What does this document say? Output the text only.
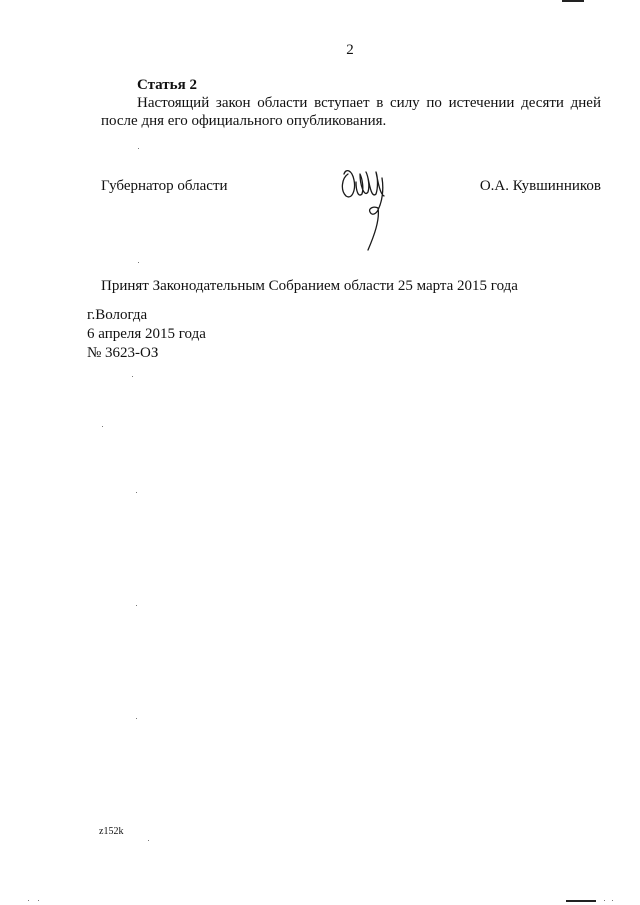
2
Статья 2

Настоящий закон области вступает в силу по истечении десяти дней после дня его официального опубликования.

Губернатор области	О.А. Кувшинников
Принят Законодательным Собранием области 25 марта 2015 года
г.Вологда
6 апреля 2015 года
№ 3623-ОЗ
z152k
